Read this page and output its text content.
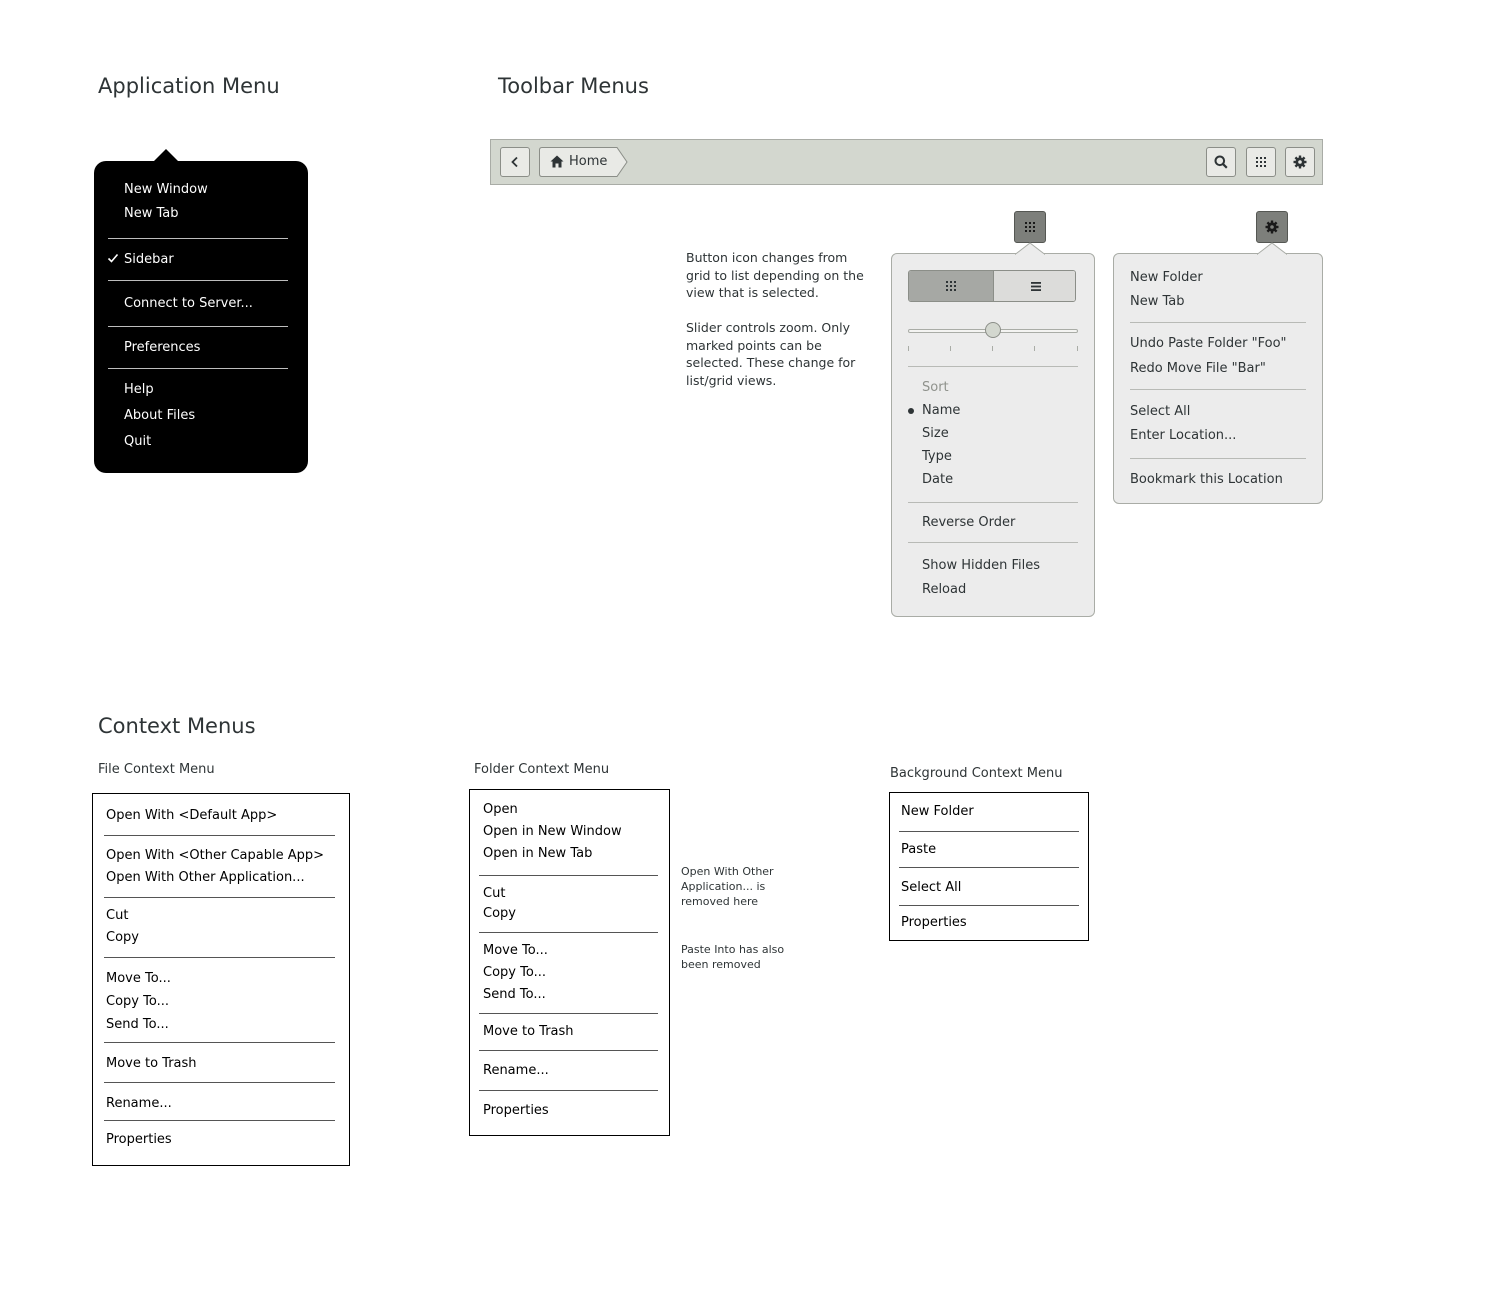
Application Menu	Toolbar Menus
Context Menus
New Window
New Tab
Sidebar
Connect to Server...
Preferences
Help
About Files
Quit
Home
Button icon changes from grid to list depending on the view that is selected.
Slider controls zoom. Only marked points can be selected. These change for list/grid views.	Sort
Name
Size
Type
Date
Reverse Order
Show Hidden Files
Reload
New Folder
New Tab
Undo Paste Folder "Foo"
Redo Move File "Bar"
Select All
Enter Location...
Bookmark this Location
File Context Menu
Open With <Default App>
Open With <Other Capable App>
Open With Other Application...
Cut
Copy
Move To...
Copy To...
Send To...
Move to Trash
Rename...
Properties
Folder Context Menu
Open
Open in New Window
Open in New Tab
Cut
Copy
Move To...
Copy To...
Send To...
Move to Trash
Rename...
Properties
Open With Other Application... is removed here
Paste Into has also been removed
Background Context Menu
New Folder
Paste
Select All
Properties
